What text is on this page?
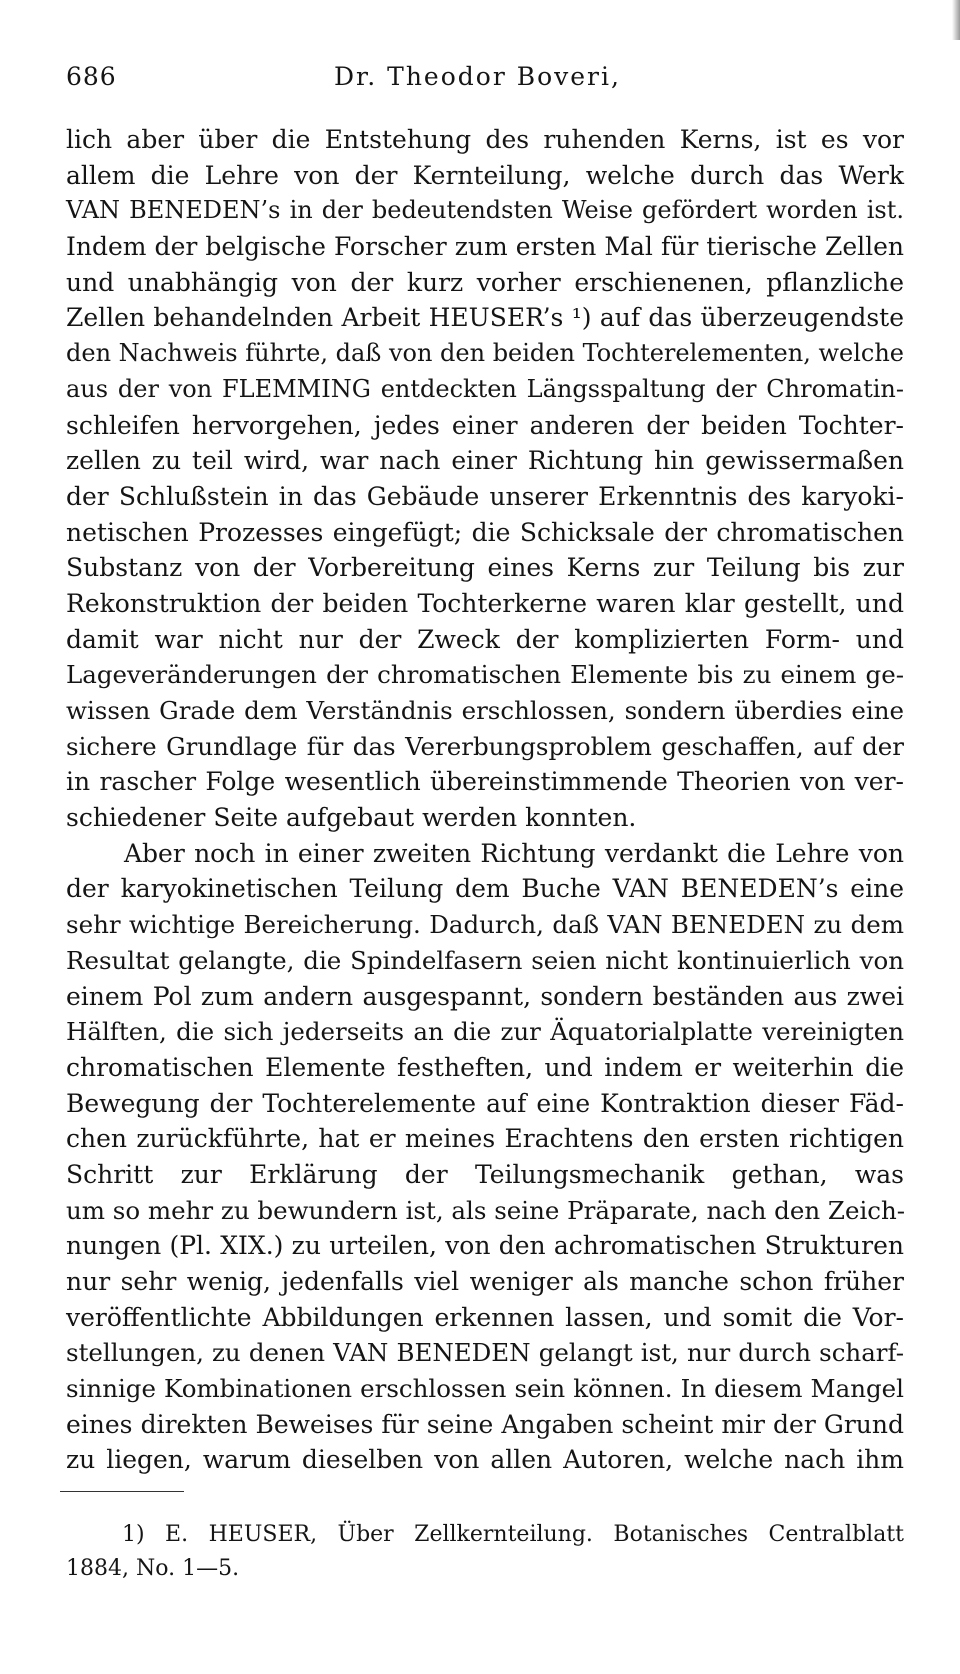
686	Dr. Theodor Boveri,
lich aber über die Entstehung des ruhenden Kerns, ist es vor
allem die Lehre von der Kernteilung, welche durch das Werk
VAN BENEDEN’s in der bedeutendsten Weise gefördert worden ist.
Indem der belgische Forscher zum ersten Mal für tierische Zellen
und unabhängig von der kurz vorher erschienenen, pflanzliche
Zellen behandelnden Arbeit HEUSER’s ¹) auf das überzeugendste
den Nachweis führte, daß von den beiden Tochterelementen, welche
aus der von FLEMMING entdeckten Längsspaltung der Chromatin-
schleifen hervorgehen, jedes einer anderen der beiden Tochter-
zellen zu teil wird, war nach einer Richtung hin gewissermaßen
der Schlußstein in das Gebäude unserer Erkenntnis des karyoki-
netischen Prozesses eingefügt; die Schicksale der chromatischen
Substanz von der Vorbereitung eines Kerns zur Teilung bis zur
Rekonstruktion der beiden Tochterkerne waren klar gestellt, und
damit war nicht nur der Zweck der komplizierten Form- und
Lageveränderungen der chromatischen Elemente bis zu einem ge-
wissen Grade dem Verständnis erschlossen, sondern überdies eine
sichere Grundlage für das Vererbungsproblem geschaffen, auf der
in rascher Folge wesentlich übereinstimmende Theorien von ver-
schiedener Seite aufgebaut werden konnten.
Aber noch in einer zweiten Richtung verdankt die Lehre von
der karyokinetischen Teilung dem Buche VAN BENEDEN’s eine
sehr wichtige Bereicherung. Dadurch, daß VAN BENEDEN zu dem
Resultat gelangte, die Spindelfasern seien nicht kontinuierlich von
einem Pol zum andern ausgespannt, sondern beständen aus zwei
Hälften, die sich jederseits an die zur Äquatorialplatte vereinigten
chromatischen Elemente festheften, und indem er weiterhin die
Bewegung der Tochterelemente auf eine Kontraktion dieser Fäd-
chen zurückführte, hat er meines Erachtens den ersten richtigen
Schritt zur Erklärung der Teilungsmechanik gethan, was
um so mehr zu bewundern ist, als seine Präparate, nach den Zeich-
nungen (Pl. XIX.) zu urteilen, von den achromatischen Strukturen
nur sehr wenig, jedenfalls viel weniger als manche schon früher
veröffentlichte Abbildungen erkennen lassen, und somit die Vor-
stellungen, zu denen VAN BENEDEN gelangt ist, nur durch scharf-
sinnige Kombinationen erschlossen sein können. In diesem Mangel
eines direkten Beweises für seine Angaben scheint mir der Grund
zu liegen, warum dieselben von allen Autoren, welche nach ihm
1) E. HEUSER, Über Zellkernteilung. Botanisches Centralblatt
1884, No. 1—5.
